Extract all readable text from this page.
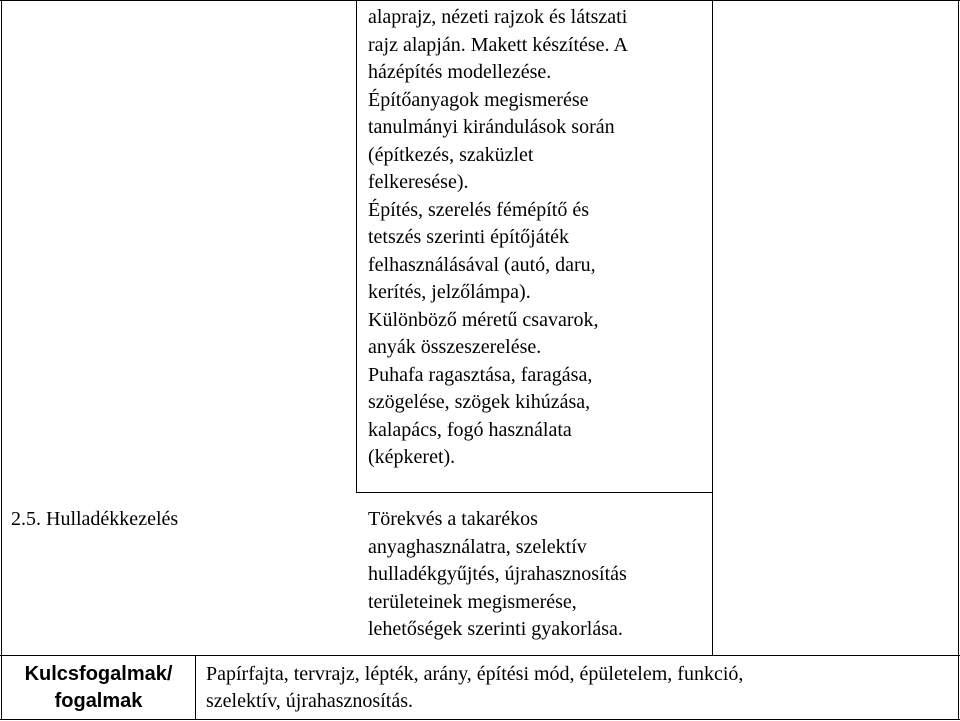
alaprajz, nézeti rajzok és látszati
rajz alapján. Makett készítése. A
házépítés modellezése.
Építőanyagok megismerése
tanulmányi kirándulások során
(építkezés, szaküzlet
felkeresése).
Építés, szerelés fémépítő és
tetszés szerinti építőjáték
felhasználásával (autó, daru,
kerítés, jelzőlámpa).
Különböző méretű csavarok,
anyák összeszerelése.
Puhafa ragasztása, faragása,
szögelése, szögek kihúzása,
kalapács, fogó használata
(képkeret).
2.5. Hulladékkezelés	Törekvés a takarékos
anyaghasználatra, szelektív
hulladékgyűjtés, újrahasznosítás
területeinek megismerése,
lehetőségek szerinti gyakorlása.
Kulcsfogalmak/
fogalmak
Papírfajta, tervrajz, lépték, arány, építési mód, épületelem, funkció,
szelektív, újrahasznosítás.
